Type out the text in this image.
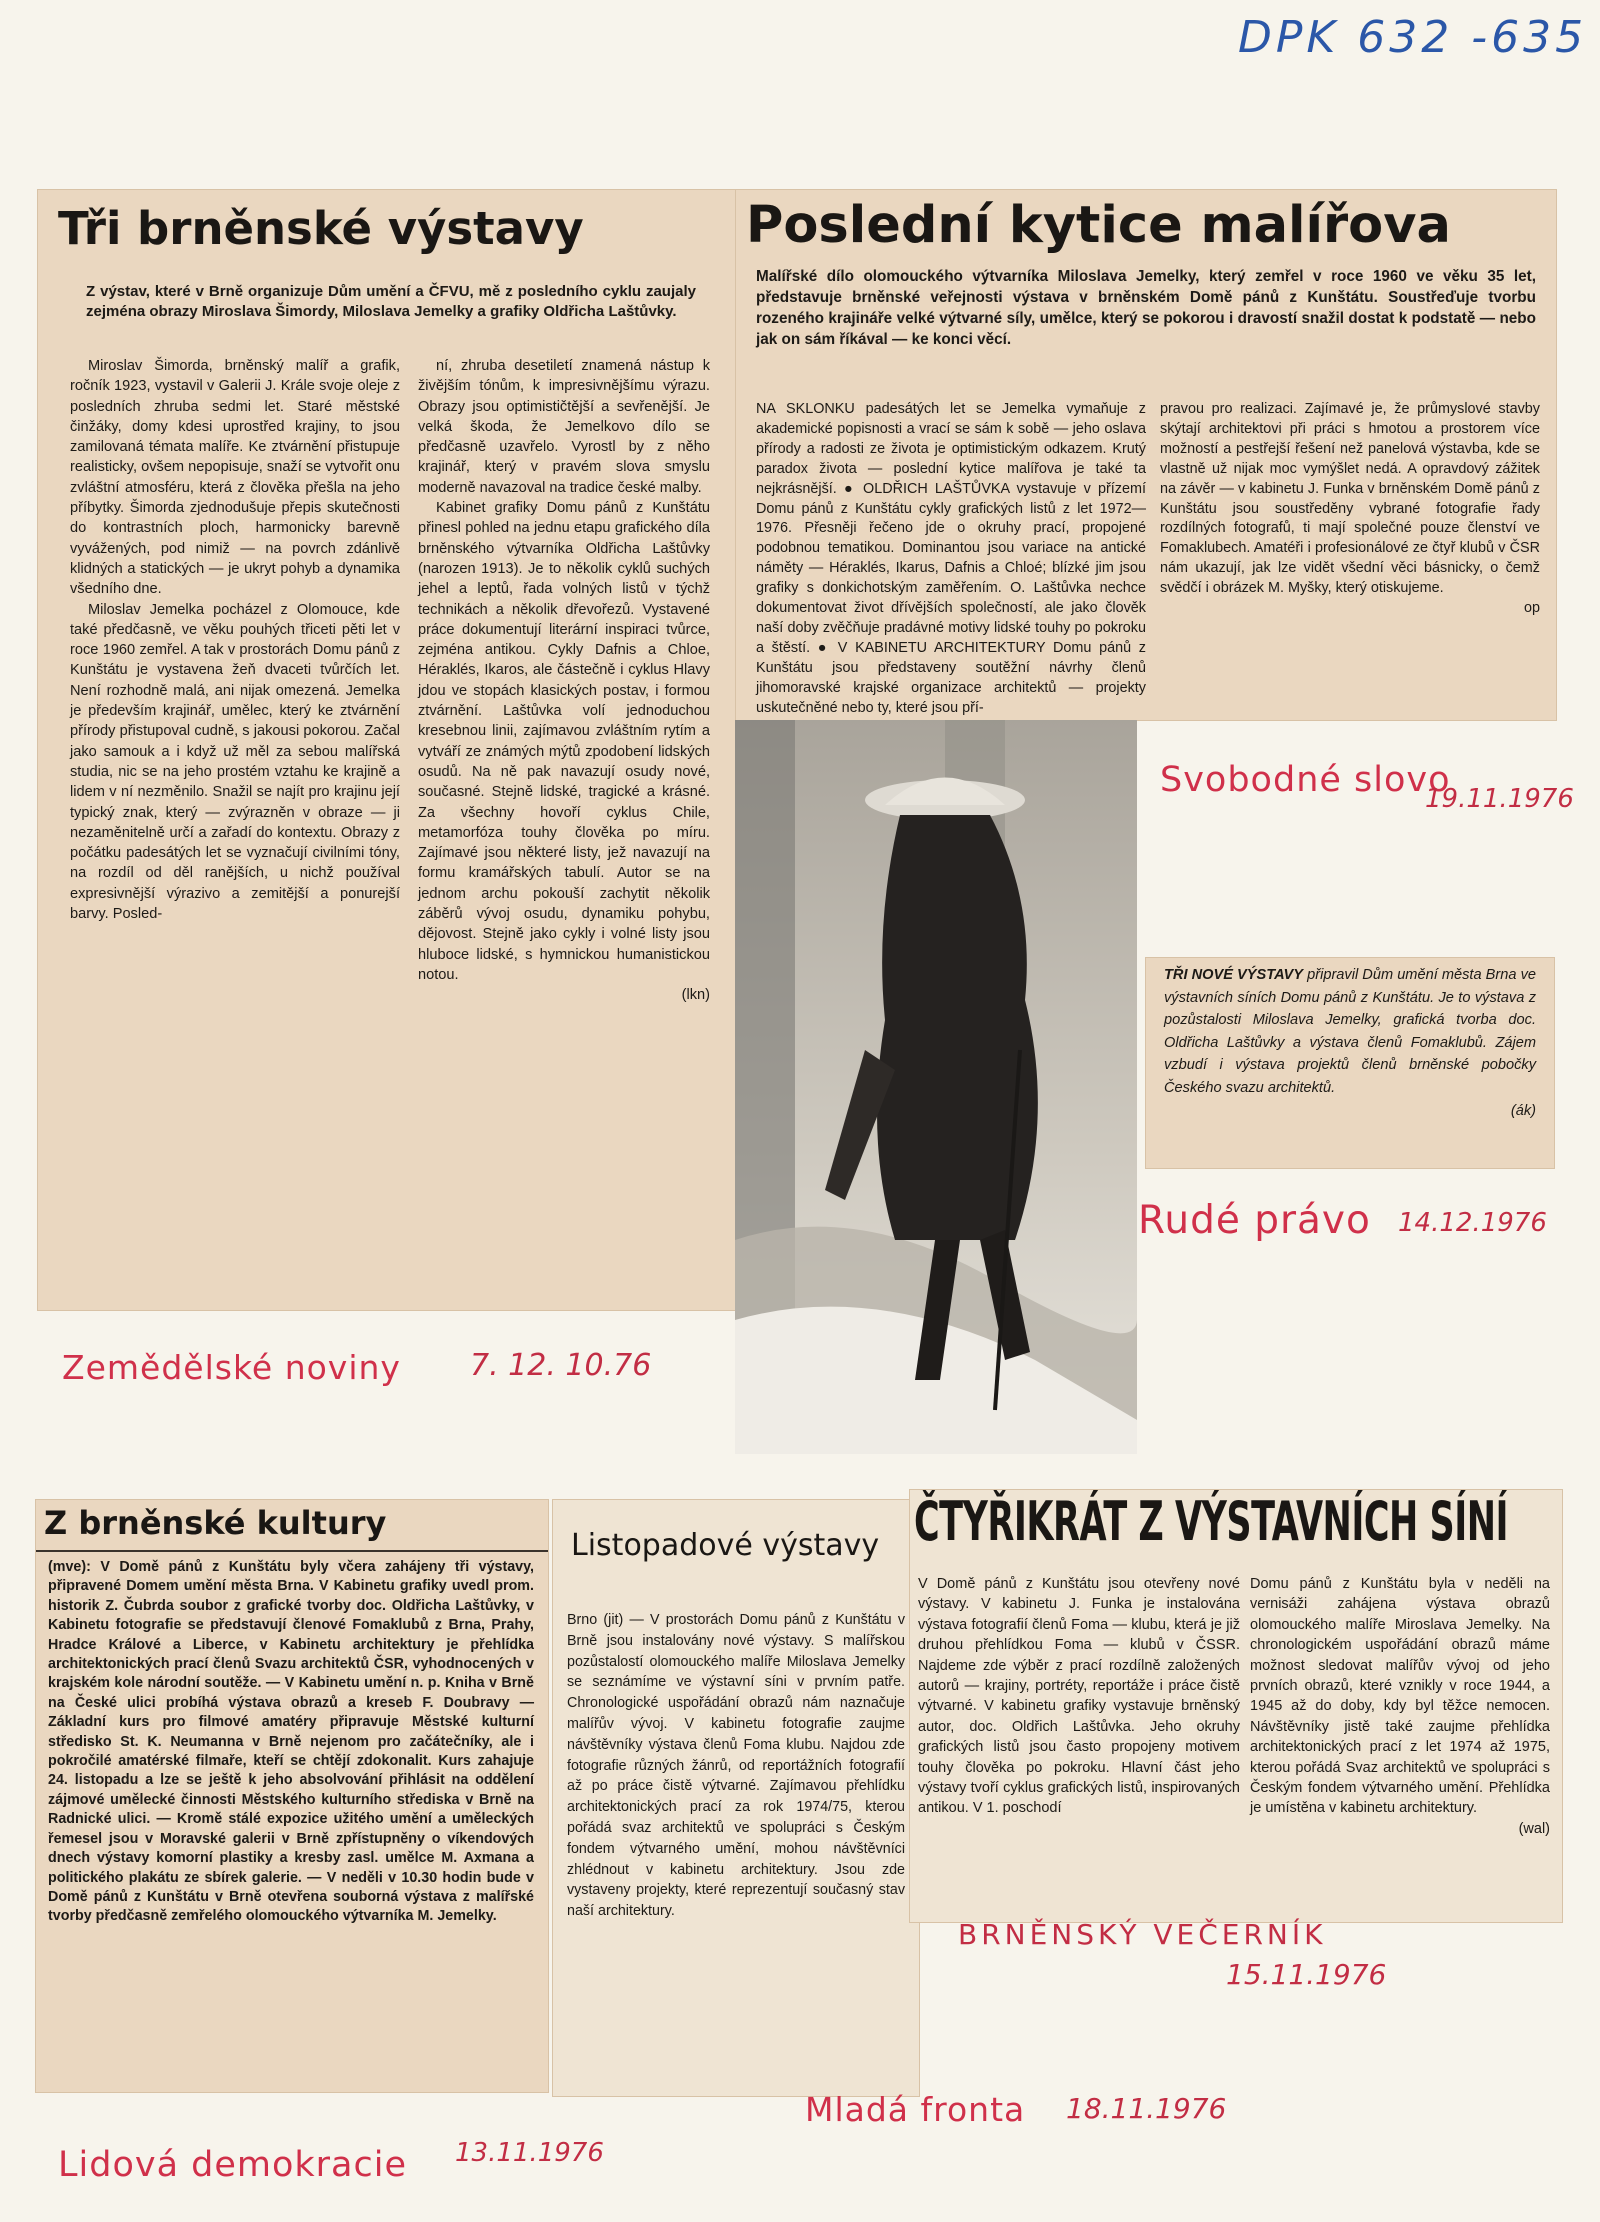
DPK 632 -635
Tři brněnské výstavy
Z výstav, které v Brně organizuje Dům umění a ČFVU, mě z posledního cyklu zaujaly zejména obrazy Miroslava Šimordy, Miloslava Jemelky a grafiky Oldřicha Laštůvky.

Miroslav Šimorda, brněnský malíř a grafik, ročník 1923, vystavil v Galerii J. Krále svoje oleje z posledních zhruba sedmi let. Staré městské činžáky, domy kdesi uprostřed krajiny, to jsou zamilovaná témata malíře. Ke ztvárnění přistupuje realisticky, ovšem nepopisuje, snaží se vytvořit onu zvláštní atmosféru, která z člověka přešla na jeho příbytky. Šimorda zjednodušuje přepis skutečnosti do kontrastních ploch, harmonicky barevně vyvážených, pod nimiž — na povrch zdánlivě klidných a statických — je ukryt pohyb a dynamika všedního dne.

Miloslav Jemelka pocházel z Olomouce, kde také předčasně, ve věku pouhých třiceti pěti let v roce 1960 zemřel. A tak v prostorách Domu pánů z Kunštátu je vystavena žeň dvaceti tvůrčích let. Není rozhodně malá, ani nijak omezená. Jemelka je především krajinář, umělec, který ke ztvárnění přírody přistupoval cudně, s jakousi pokorou. Začal jako samouk a i když už měl za sebou malířská studia, nic se na jeho prostém vztahu ke krajině a lidem v ní nezměnilo. Snažil se najít pro krajinu její typický znak, který — zvýrazněn v obraze — ji nezaměnitelně určí a zařadí do kontextu. Obrazy z počátku padesátých let se vyznačují civilními tóny, na rozdíl od děl ranějších, u nichž používal expresivnější výrazivo a zemitější a ponurejší barvy. Posled-

ní, zhruba desetiletí znamená nástup k živějším tónům, k impresivnějšímu výrazu. Obrazy jsou optimističtější a sevřenější. Je velká škoda, že Jemelkovo dílo se předčasně uzavřelo. Vyrostl by z něho krajinář, který v pravém slova smyslu moderně navazoval na tradice české malby.

Kabinet grafiky Domu pánů z Kunštátu přinesl pohled na jednu etapu grafického díla brněnského výtvarníka Oldřicha Laštůvky (narozen 1913). Je to několik cyklů suchých jehel a leptů, řada volných listů v týchž technikách a několik dřevořezů. Vystavené práce dokumentují literární inspiraci tvůrce, zejména antikou. Cykly Dafnis a Chloe, Héraklés, Ikaros, ale částečně i cyklus Hlavy jdou ve stopách klasických postav, i formou ztvárnění. Laštůvka volí jednoduchou kresebnou linii, zajímavou zvláštním rytím a vytváří ze známých mýtů zpodobení lidských osudů. Na ně pak navazují osudy nové, současné. Stejně lidské, tragické a krásné. Za všechny hovoří cyklus Chile, metamorfóza touhy člověka po míru. Zajímavé jsou některé listy, jež navazují na formu kramářských tabulí. Autor se na jednom archu pokouší zachytit několik záběrů vývoj osudu, dynamiku pohybu, dějovost. Stejně jako cykly i volné listy jsou hluboce lidské, s hymnickou humanistickou notou.

(lkn)
Zemědělské noviny 7. 12. 10.76
Poslední kytice malířova
Malířské dílo olomouckého výtvarníka Miloslava Jemelky, který zemřel v roce 1960 ve věku 35 let, představuje brněnské veřejnosti výstava v brněnském Domě pánů z Kunštátu. Soustřeďuje tvorbu rozeného krajináře velké výtvarné síly, umělce, který se pokorou i dravostí snažil dostat k podstatě — nebo jak on sám říkával — ke konci věcí.
NA SKLONKU padesátých let se Jemelka vymaňuje z akademické popisnosti a vrací se sám k sobě — jeho oslava přírody a radosti ze života je optimistickým odkazem. Krutý paradox života — poslední kytice malířova je také ta nejkrásnější. ● OLDŘICH LAŠTŮVKA vystavuje v přízemí Domu pánů z Kunštátu cykly grafických listů z let 1972—1976. Přesněji řečeno jde o okruhy prací, propojené podobnou tematikou. Dominantou jsou variace na antické náměty — Héraklés, Ikarus, Dafnis a Chloé; blízké jim jsou grafiky s donkichotským zaměřením. O. Laštůvka nechce dokumentovat život dřívějších společností, ale jako člověk naší doby zvěčňuje pradávné motivy lidské touhy po pokroku a štěstí. ● V KABINETU ARCHITEKTURY Domu pánů z Kunštátu jsou představeny soutěžní návrhy členů jihomoravské krajské organizace architektů — projekty uskutečněné nebo ty, které jsou pří-
pravou pro realizaci. Zajímavé je, že průmyslové stavby skýtají architektovi při práci s hmotou a prostorem více možností a pestřejší řešení než panelová výstavba, kde se vlastně už nijak moc vymýšlet nedá. A opravdový zážitek na závěr — v kabinetu J. Funka v brněnském Domě pánů z Kunštátu jsou soustředěny vybrané fotografie řady rozdílných fotografů, ti mají společné pouze členství ve Fomaklubech. Amatéři i profesionálové ze čtyř klubů v ČSR nám ukazují, jak lze vidět všední věci básnicky, o čemž svědčí i obrázek M. Myšky, který otiskujeme.
op
Svobodné slovo
19.11.1976
TŘI NOVÉ VÝSTAVY připravil Dům umění města Brna ve výstavních síních Domu pánů z Kunštátu. Je to výstava z pozůstalosti Miloslava Jemelky, grafická tvorba doc. Oldřicha Laštůvky a výstava členů Fomaklubů. Zájem vzbudí i výstava projektů členů brněnské pobočky Českého svazu architektů.
(ák)
Rudé právo 14.12.1976
Z brněnské kultury
(mve): V Domě pánů z Kunštátu byly včera zahájeny tři výstavy, připravené Domem umění města Brna. V Kabinetu grafiky uvedl prom. historik Z. Čubrda soubor z grafické tvorby doc. Oldřicha Laštůvky, v Kabinetu fotografie se představují členové Fomaklubů z Brna, Prahy, Hradce Králové a Liberce, v Kabinetu architektury je přehlídka architektonických prací členů Svazu architektů ČSR, vyhodnocených v krajském kole národní soutěže. — V Kabinetu umění n. p. Kniha v Brně na České ulici probíhá výstava obrazů a kreseb F. Doubravy — Základní kurs pro filmové amatéry připravuje Městské kulturní středisko St. K. Neumanna v Brně nejenom pro začátečníky, ale i pokročilé amatérské filmaře, kteří se chtějí zdokonalit. Kurs zahajuje 24. listopadu a lze se ještě k jeho absolvování přihlásit na oddělení zájmové umělecké činnosti Městského kulturního střediska v Brně na Radnické ulici. — Kromě stálé expozice užitého umění a uměleckých řemesel jsou v Moravské galerii v Brně zpřístupněny o víkendových dnech výstavy komorní plastiky a kresby zasl. umělce M. Axmana a politického plakátu ze sbírek galerie. — V neděli v 10.30 hodin bude v Domě pánů z Kunštátu v Brně otevřena souborná výstava z malířské tvorby předčasně zemřelého olomouckého výtvarníka M. Jemelky.
Lidová demokracie 13.11.1976
Listopadové výstavy
Brno (jit) — V prostorách Domu pánů z Kunštátu v Brně jsou instalovány nové výstavy. S malířskou pozůstalostí olomouckého malíře Miloslava Jemelky se seznámíme ve výstavní síni v prvním patře. Chronologické uspořádání obrazů nám naznačuje malířův vývoj. V kabinetu fotografie zaujme návštěvníky výstava členů Foma klubu. Najdou zde fotografie různých žánrů, od reportážních fotografií až po práce čistě výtvarné. Zajímavou přehlídku architektonických prací za rok 1974/75, kterou pořádá svaz architektů ve spolupráci s Českým fondem výtvarného umění, mohou návštěvníci zhlédnout v kabinetu architektury. Jsou zde vystaveny projekty, které reprezentují současný stav naší architektury.
Mladá fronta 18.11.1976
ČTYŘIKRÁT Z VÝSTAVNÍCH SÍNÍ
V Domě pánů z Kunštátu jsou otevřeny nové výstavy. V kabinetu J. Funka je instalována výstava fotografií členů Foma — klubu, která je již druhou přehlídkou Foma — klubů v ČSSR. Najdeme zde výběr z prací rozdílně založených autorů — krajiny, portréty, reportáže i práce čistě výtvarné. V kabinetu grafiky vystavuje brněnský autor, doc. Oldřich Laštůvka. Jeho okruhy grafických listů jsou často propojeny motivem touhy člověka po pokroku. Hlavní část jeho výstavy tvoří cyklus grafických listů, inspirovaných antikou. V 1. poschodí
Domu pánů z Kunštátu byla v neděli na vernisáži zahájena výstava obrazů olomouckého malíře Miroslava Jemelky. Na chronologickém uspořádání obrazů máme možnost sledovat malířův vývoj od jeho prvních obrazů, které vznikly v roce 1944, a 1945 až do doby, kdy byl těžce nemocen. Návštěvníky jistě také zaujme přehlídka architektonických prací z let 1974 až 1975, kterou pořádá Svaz architektů ve spolupráci s Českým fondem výtvarného umění. Přehlídka je umístěna v kabinetu architektury.
(wal)
BRNĚNSKÝ VEČERNÍK
15.11.1976
